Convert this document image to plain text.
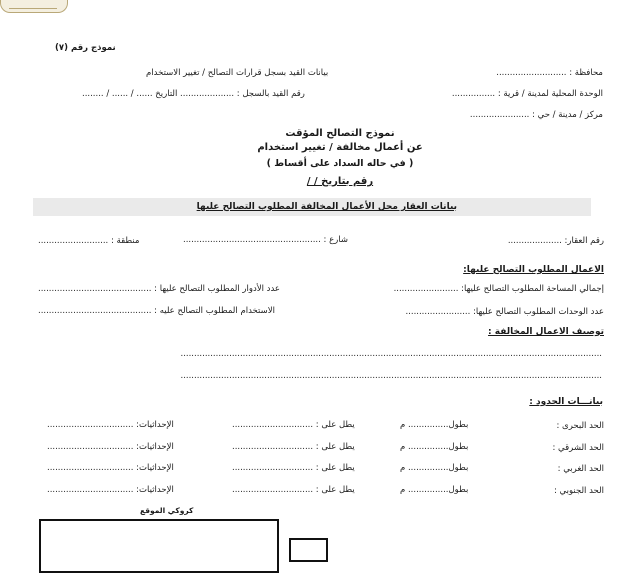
نموذج رقم (٧)
محافظة : ..........................
الوحدة المحلية لمدينة / قرية : ................
مركز / مدينة / حي : ......................
بيانات القيد بسجل قرارات التصالح / تغيير الاستخدام
رقم القيد بالسجل : .................... التاريخ ...... / ...... / ........
نموذج التصالح المؤقت
عن أعمال مخالفة / تغيير استخدام
( في حاله السداد على أقساط )
رقم بتاريخ / /
بيانات العقار محل الأعمال المخالفة المطلوب التصالح عليها
رقم العقار: ....................
شارع : ...................................................
منطقة : ..........................
الاعمال المطلوب التصالح عليها:
إجمالي المساحة المطلوب التصالح عليها: ........................
عدد الأدوار المطلوب التصالح عليها : ..........................................
عدد الوحدات المطلوب التصالح عليها: ........................
الاستخدام المطلوب التصالح عليه : ..........................................
توصيف الاعمال المخالفة :
............................................................................................................................................................
............................................................................................................................................................
بيانـــات الحدود :
الحد البحرى :
بطول............... م
يطل على : ..............................
الإحداثيات: ................................
الحد الشرقي :
بطول............... م
يطل على : ..............................
الإحداثيات: ................................
الحد الغربي :
بطول............... م
يطل على : ..............................
الإحداثيات: ................................
الحد الجنوبي :
بطول............... م
يطل على : ..............................
الإحداثيات: ................................
كروكي الموقع
